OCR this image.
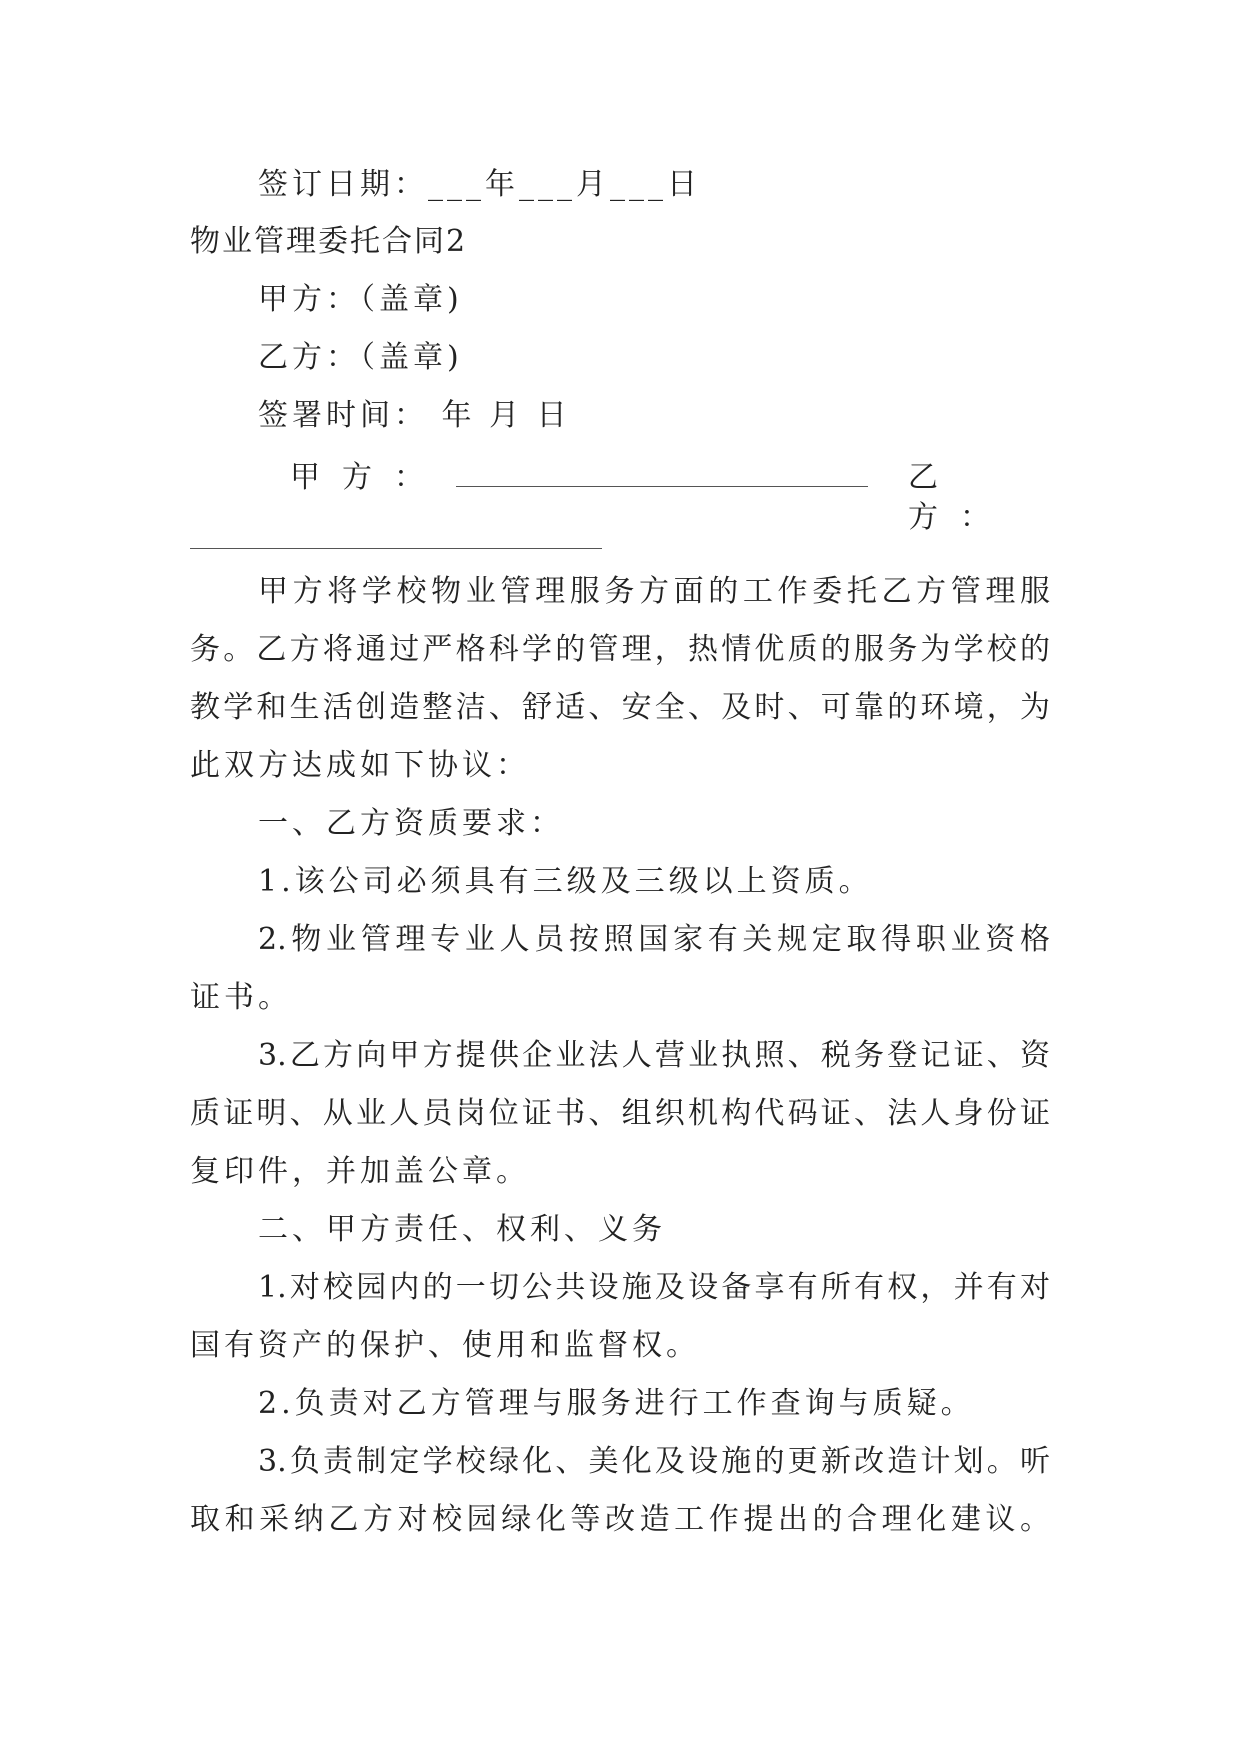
签订日期：___年___月___日
物业管理委托合同2
甲方：（盖章)
乙方：（盖章)
签署时间： 年 月 日
甲方：	乙方：
甲方将学校物业管理服务方面的工作委托乙方管理服
务。乙方将通过严格科学的管理，热情优质的服务为学校的
教学和生活创造整洁、舒适、安全、及时、可靠的环境，为
此双方达成如下协议：
一、乙方资质要求：
1.该公司必须具有三级及三级以上资质。
2.物业管理专业人员按照国家有关规定取得职业资格
证书。
3.乙方向甲方提供企业法人营业执照、税务登记证、资
质证明、从业人员岗位证书、组织机构代码证、法人身份证
复印件，并加盖公章。
二、甲方责任、权利、义务
1.对校园内的一切公共设施及设备享有所有权，并有对
国有资产的保护、使用和监督权。
2.负责对乙方管理与服务进行工作查询与质疑。
3.负责制定学校绿化、美化及设施的更新改造计划。听
取和采纳乙方对校园绿化等改造工作提出的合理化建议。
